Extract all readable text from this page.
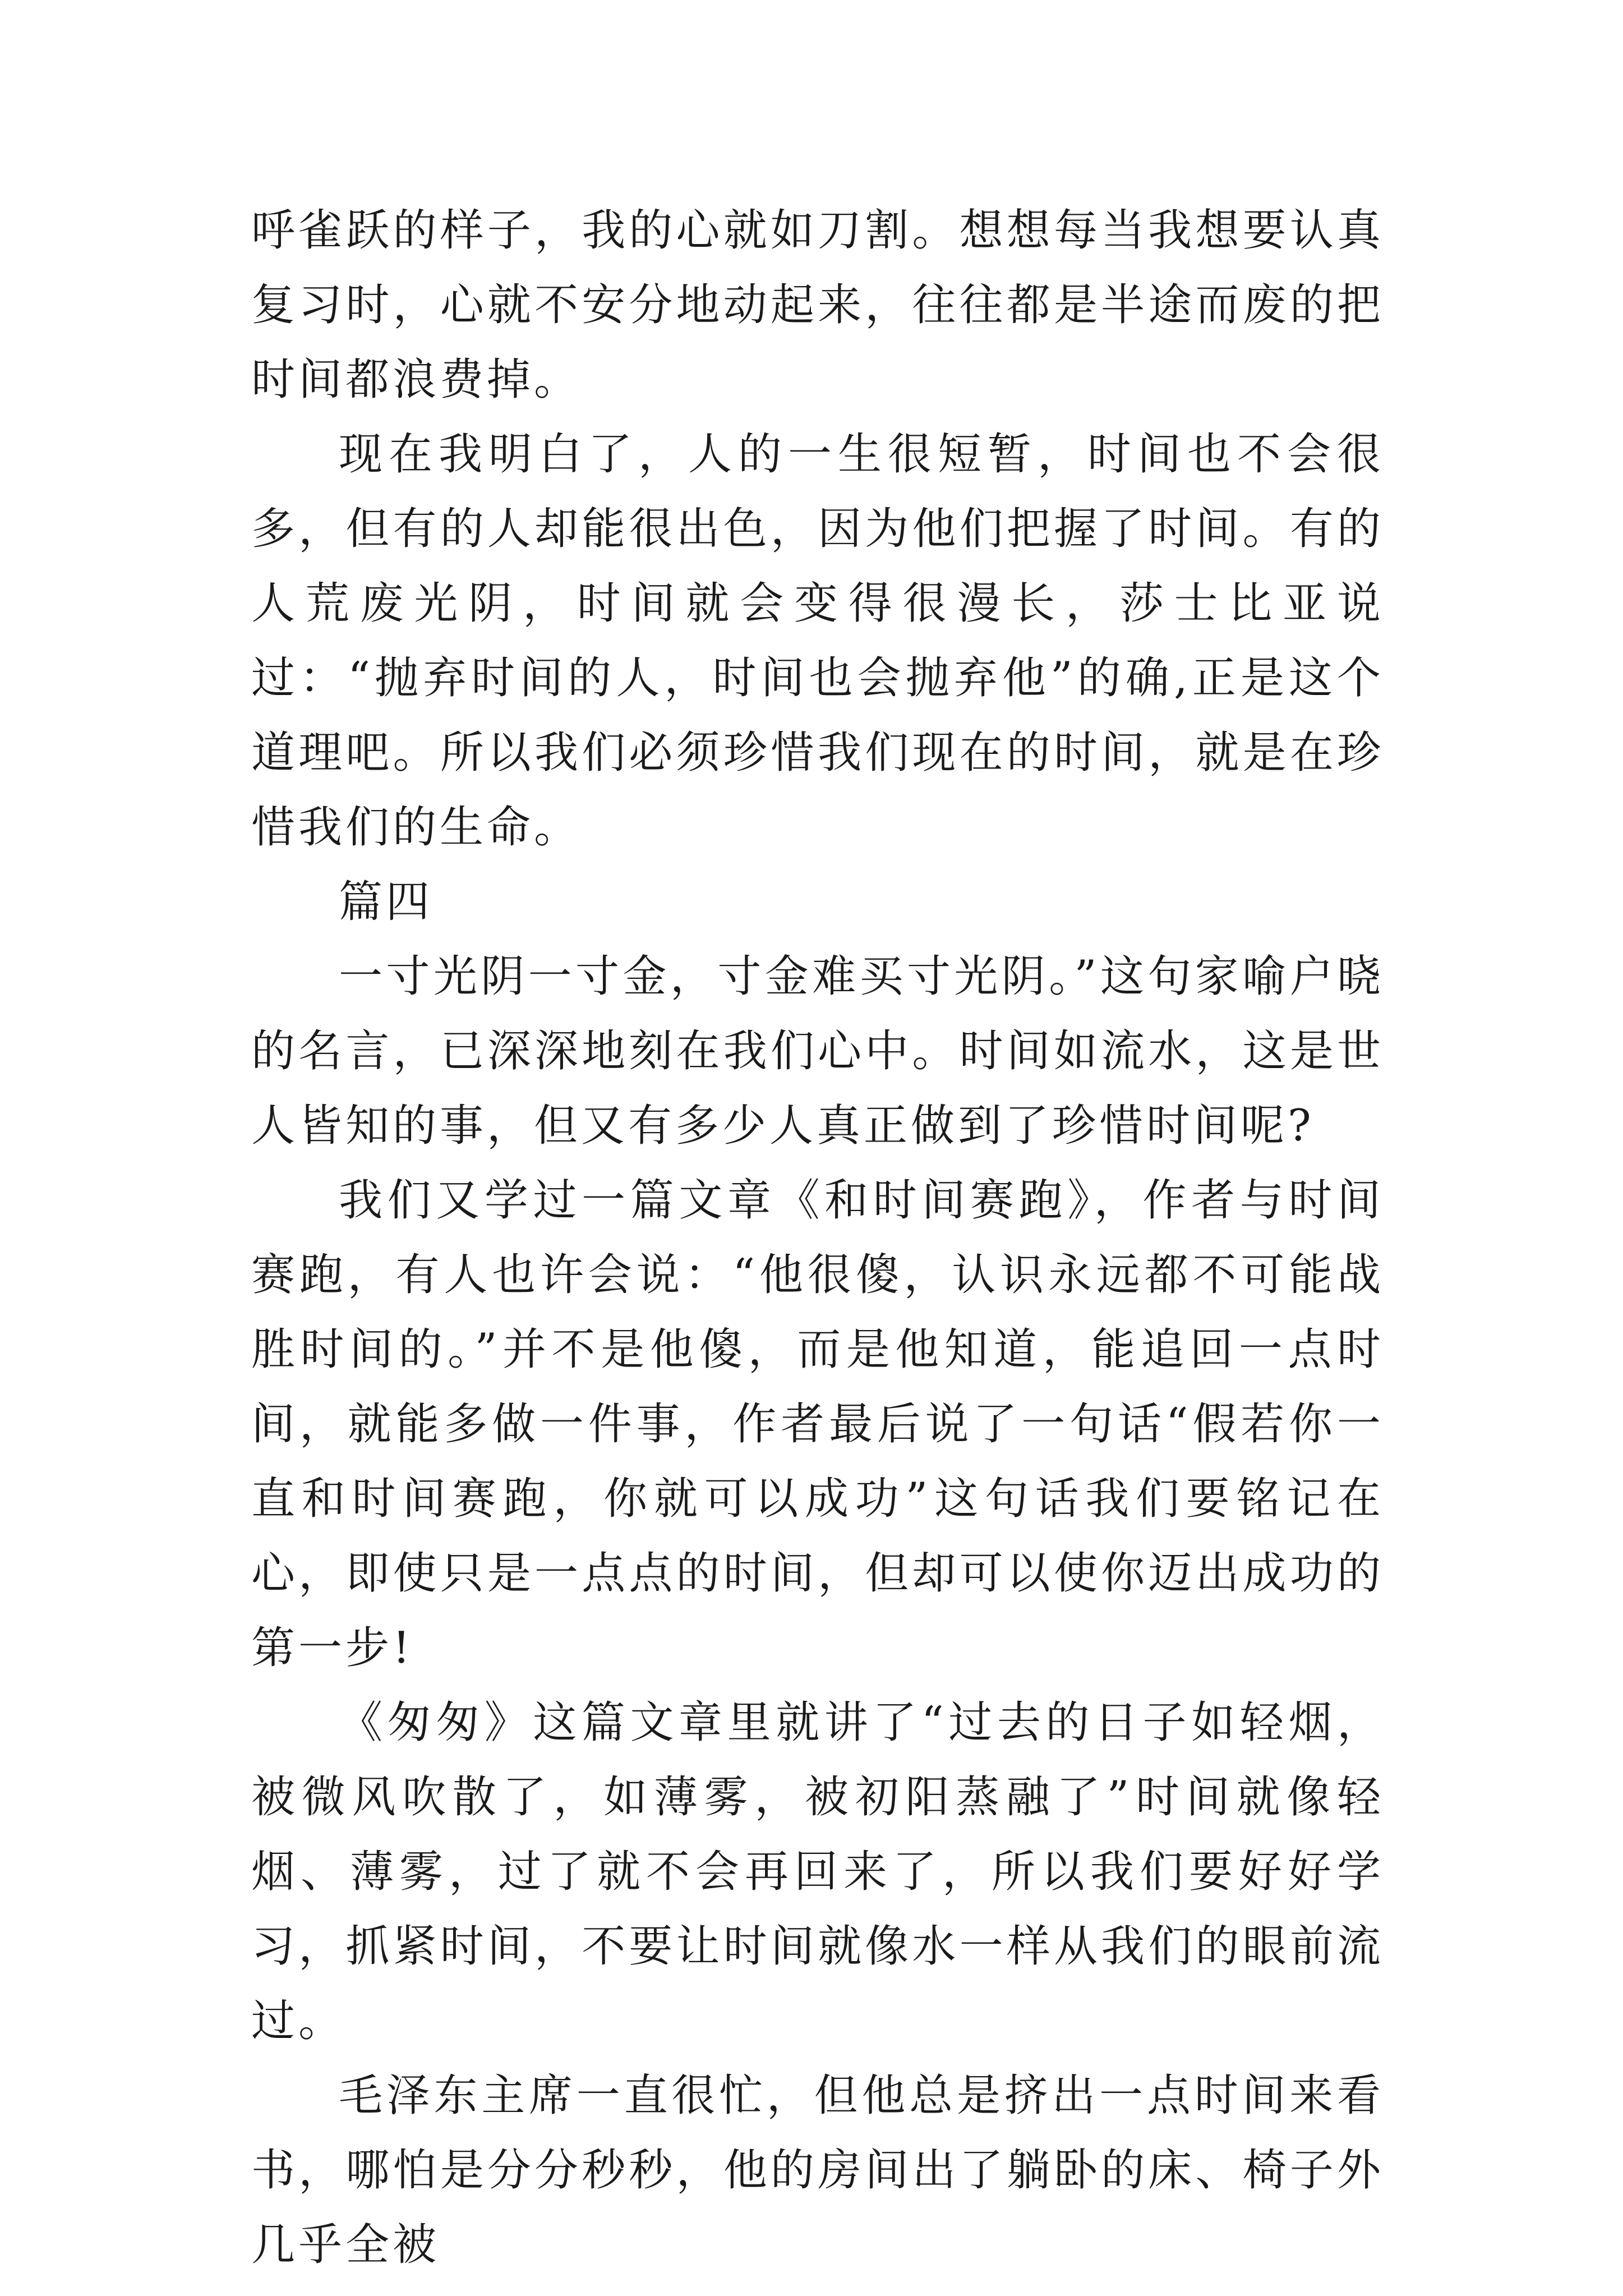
呼雀跃的样子，我的心就如刀割。想想每当我想要认真复习时，心就不安分地动起来，往往都是半途而废的把时间都浪费掉。

现在我明白了，人的一生很短暂，时间也不会很多，但有的人却能很出色，因为他们把握了时间。有的人荒废光阴，时间就会变得很漫长，莎士比亚说过：“抛弃时间的人，时间也会抛弃他”的确,正是这个道理吧。所以我们必须珍惜我们现在的时间，就是在珍惜我们的生命。

篇四

一寸光阴一寸金，寸金难买寸光阴。”这句家喻户晓的名言，已深深地刻在我们心中。时间如流水，这是世人皆知的事，但又有多少人真正做到了珍惜时间呢?

我们又学过一篇文章《和时间赛跑》，作者与时间赛跑，有人也许会说：“他很傻，认识永远都不可能战胜时间的。”并不是他傻，而是他知道，能追回一点时间，就能多做一件事，作者最后说了一句话“假若你一直和时间赛跑，你就可以成功”这句话我们要铭记在心，即使只是一点点的时间，但却可以使你迈出成功的第一步!

《匆匆》这篇文章里就讲了“过去的日子如轻烟，被微风吹散了，如薄雾，被初阳蒸融了”时间就像轻烟、薄雾，过了就不会再回来了，所以我们要好好学习，抓紧时间，不要让时间就像水一样从我们的眼前流过。

毛泽东主席一直很忙，但他总是挤出一点时间来看书，哪怕是分分秒秒，他的房间出了躺卧的床、椅子外几乎全被
